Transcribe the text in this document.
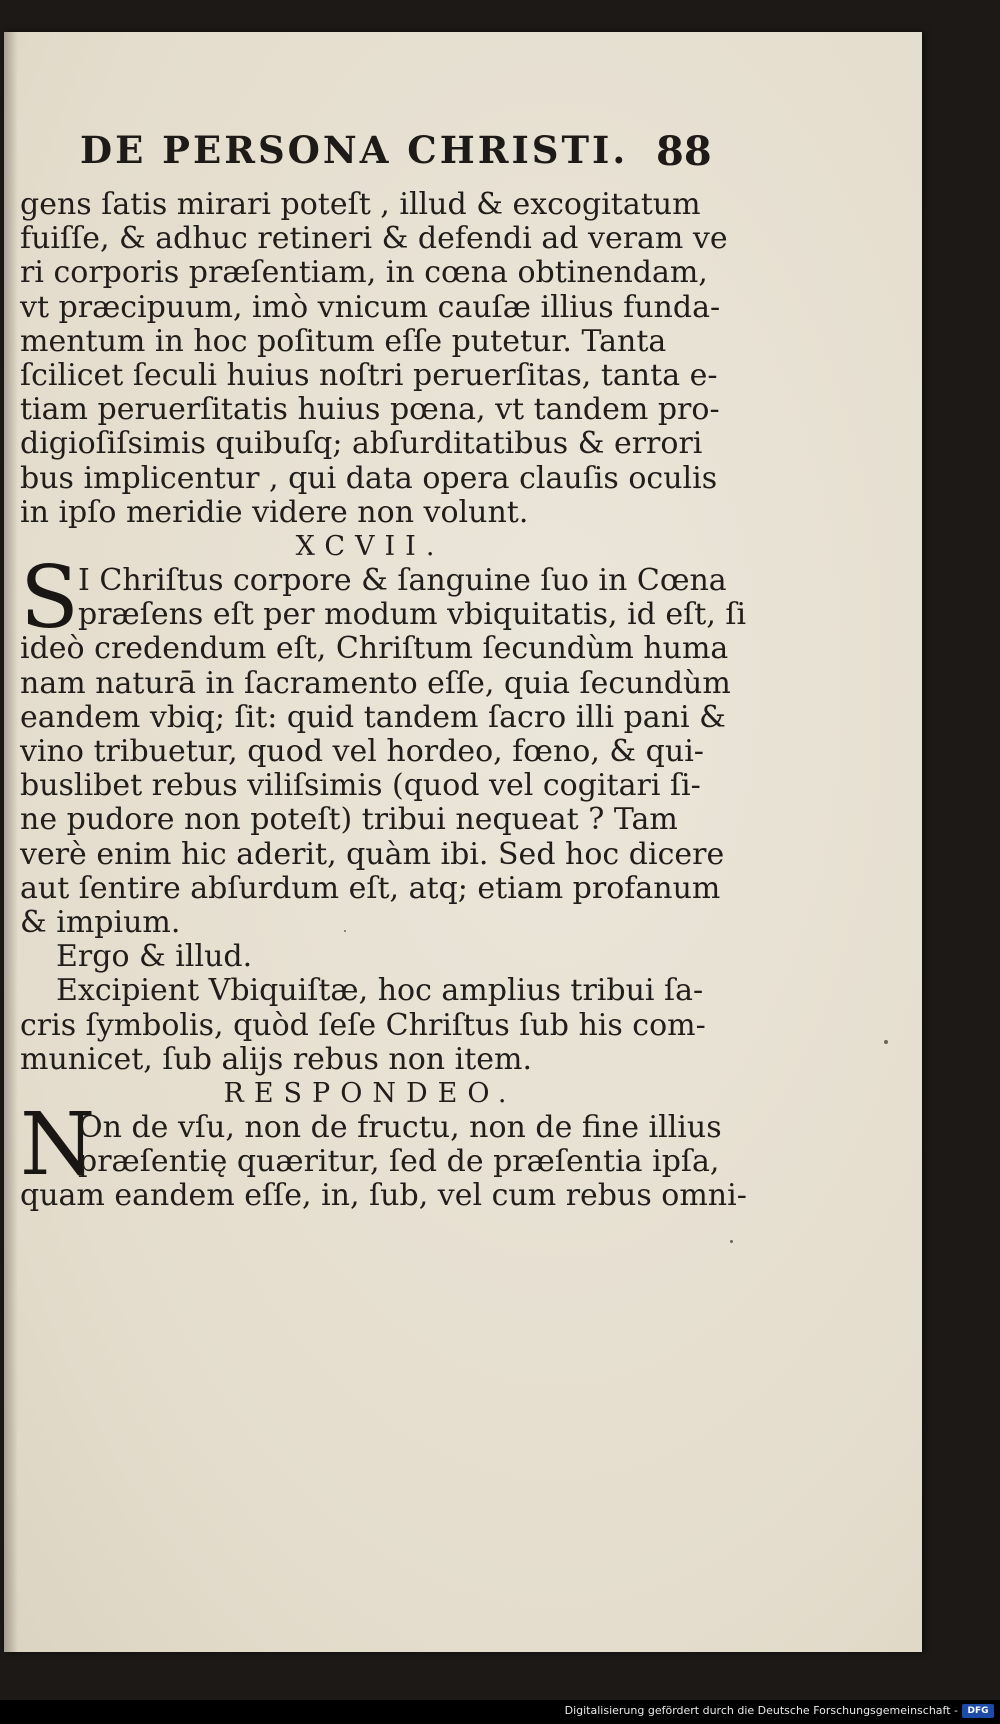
DE PERSONA CHRISTI. 88
gens ſatis mirari poteſt , illud & excogitatum
fuiſſe, & adhuc retineri & defendi ad veram ve
ri corporis præſentiam, in cœna obtinendam,
vt præcipuum, imò vnicum cauſæ illius funda-
mentum in hoc poſitum eſſe putetur. Tanta
ſcilicet ſeculi huius noſtri peruerſitas, tanta e-
tiam peruerſitatis huius pœna, vt tandem pro-
digioſiſsimis quibuſq; abſurditatibus & errori
bus implicentur , qui data opera clauſis oculis
in ipſo meridie videre non volunt.
XCVII.
S I Chriſtus corpore & ſanguine ſuo in Cœna
præſens eſt per modum vbiquitatis, id eſt, ſi
ideò credendum eſt, Chriſtum ſecundùm huma
nam naturā in ſacramento eſſe, quia ſecundùm
eandem vbiq; ſit: quid tandem ſacro illi pani &
vino tribuetur, quod vel hordeo, fœno, & qui-
buslibet rebus viliſsimis (quod vel cogitari ſi-
ne pudore non poteſt) tribui nequeat ? Tam
verè enim hic aderit, quàm ibi. Sed hoc dicere
aut ſentire abſurdum eſt, atq; etiam profanum
& impium.
Ergo & illud.
Excipient Vbiquiſtæ, hoc amplius tribui ſa-
cris ſymbolis, quòd ſeſe Chriſtus ſub his com-
municet, ſub alijs rebus non item.
RESPONDEO.
N
On de vſu, non de fructu, non de fine illius
præſentię quæritur, ſed de præſentia ipſa,
quam eandem eſſe, in, ſub, vel cum rebus omni-
Digitalisierung gefördert durch die Deutsche Forschungsgemeinschaft -	DFG
